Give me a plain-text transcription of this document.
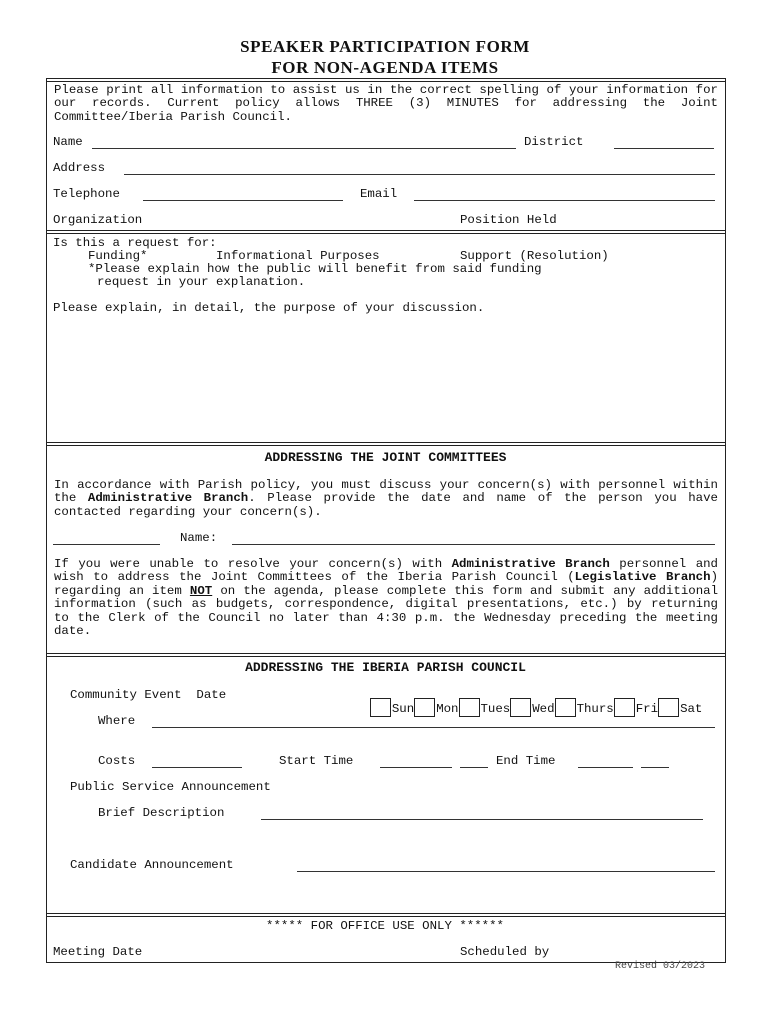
SPEAKER PARTICIPATION FORM
FOR NON-AGENDA ITEMS
Please print all information to assist us in the correct spelling of your information for our records. Current policy allows THREE (3) MINUTES for addressing the Joint Committee/Iberia Parish Council.
Name	District
Address
Telephone	Email
Organization	Position Held
Is this a request for:
Funding*	Informational Purposes	Support (Resolution)
*Please explain how the public will benefit from said funding
request in your explanation.
Please explain, in detail, the purpose of your discussion.
ADDRESSING THE JOINT COMMITTEES
In accordance with Parish policy, you must discuss your concern(s) with personnel within the Administrative Branch. Please provide the date and name of the person you have contacted regarding your concern(s).
Name:
If you were unable to resolve your concern(s) with Administrative Branch personnel and wish to address the Joint Committees of the Iberia Parish Council (Legislative Branch) regarding an item NOT on the agenda, please complete this form and submit any additional information (such as budgets, correspondence, digital presentations, etc.) by returning to the Clerk of the Council no later than 4:30 p.m. the Wednesday preceding the meeting date.
ADDRESSING THE IBERIA PARISH COUNCIL
Community Event  Date

Sun Mon Tues Wed Thurs Fri Sat

Where
Costs	Start Time	End Time
Public Service Announcement
Brief Description
Candidate Announcement
***** FOR OFFICE USE ONLY ******
Meeting Date	Scheduled by
Revised 03/2023
